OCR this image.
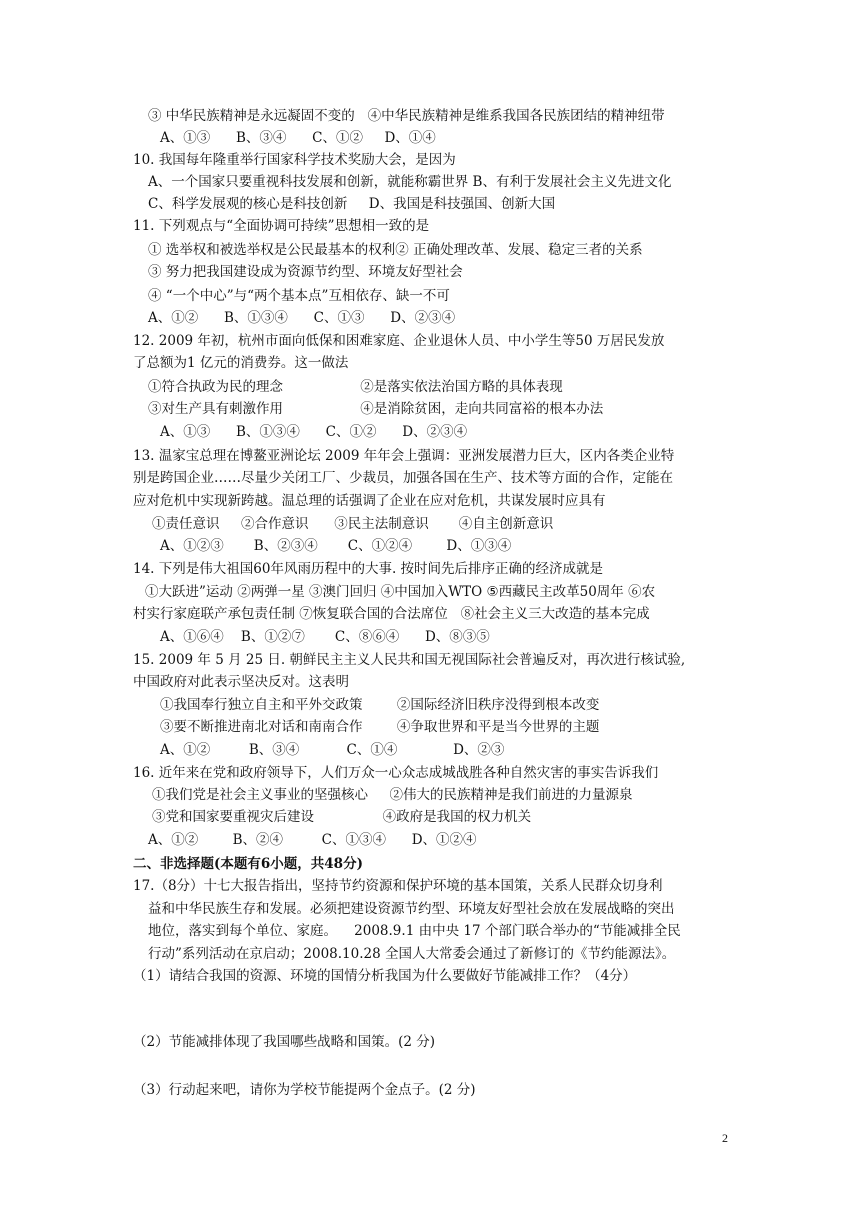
③ 中华民族精神是永远凝固不变的   ④中华民族精神是维系我国各民族团结的精神纽带
A、①③      B、③④      C、①②     D、①④
10. 我国每年隆重举行国家科学技术奖励大会，是因为
A、一个国家只要重视科技发展和创新，就能称霸世界 B、有利于发展社会主义先进文化
C、科学发展观的核心是科技创新     D、我国是科技强国、创新大国
11. 下列观点与“全面协调可持续”思想相一致的是
① 选举权和被选举权是公民最基本的权利② 正确处理改革、发展、稳定三者的关系
③ 努力把我国建设成为资源节约型、环境友好型社会
④ “一个中心”与“两个基本点”互相依存、缺一不可
A、①②      B、①③④      C、①③      D、②③④
12. 2009 年初，杭州市面向低保和困难家庭、企业退休人员、中小学生等50 万居民发放
了总额为1 亿元的消费券。这一做法
①符合执政为民的理念                  ②是落实依法治国方略的具体表现
③对生产具有刺激作用                  ④是消除贫困，走向共同富裕的根本办法
A、①③      B、①③④      C、①②      D、②③④
13. 温家宝总理在博鳌亚洲论坛 2009 年年会上强调：亚洲发展潜力巨大，区内各类企业特
别是跨国企业……尽量少关闭工厂、少裁员，加强各国在生产、技术等方面的合作，定能在
应对危机中实现新跨越。温总理的话强调了企业在应对危机，共谋发展时应具有
①责任意识     ②合作意识      ③民主法制意识       ④自主创新意识
A、①②③       B、②③④       C、①②④        D、①③④
14. 下列是伟大祖国60年风雨历程中的大事. 按时间先后排序正确的经济成就是
①大跃进”运动 ②两弹一星 ③澳门回归 ④中国加入WTO ⑤西藏民主改革50周年 ⑥农
村实行家庭联产承包责任制 ⑦恢复联合国的合法席位   ⑧社会主义三大改造的基本完成
A、①⑥④    B、①②⑦       C、⑧⑥④      D、⑧③⑤
15. 2009 年 5 月 25 日. 朝鲜民主主义人民共和国无视国际社会普遍反对，再次进行核试验,
中国政府对此表示坚决反对。这表明
①我国奉行独立自主和平外交政策        ②国际经济旧秩序没得到根本改变
③要不断推进南北对话和南南合作        ④争取世界和平是当今世界的主题
A、①②         B、③④           C、①④             D、②③
16. 近年来在党和政府领导下，人们万众一心众志成城战胜各种自然灾害的事实告诉我们
①我们党是社会主义事业的坚强核心     ②伟大的民族精神是我们前进的力量源泉
③党和国家要重视灾后建设                ④政府是我国的权力机关
A、①②        B、②④         C、①③④      D、①②④
二、非选择题(本题有6小题，共48分)
17.（8分）十七大报告指出，坚持节约资源和保护环境的基本国策，关系人民群众切身利
益和中华民族生存和发展。必须把建设资源节约型、环境友好型社会放在发展战略的突出
地位，落实到每个单位、家庭。    2008.9.1 由中央 17 个部门联合举办的“节能减排全民
行动”系列活动在京启动；2008.10.28 全国人大常委会通过了新修订的《节约能源法》。
（1）请结合我国的资源、环境的国情分析我国为什么要做好节能减排工作？（4分）
（2）节能减排体现了我国哪些战略和国策。(2 分)
（3）行动起来吧，请你为学校节能提两个金点子。(2 分)
2
